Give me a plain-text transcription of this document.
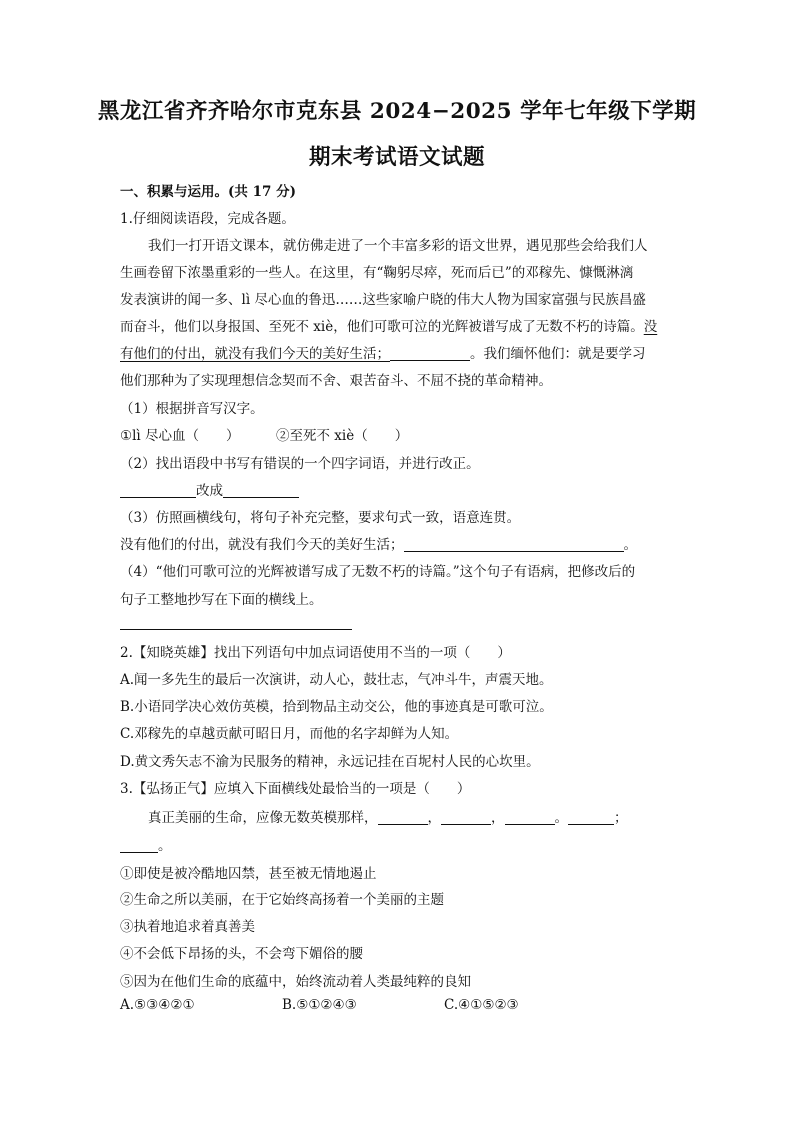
黑龙江省齐齐哈尔市克东县 2024−2025 学年七年级下学期
期末考试语文试题
一、积累与运用。(共 17 分)
1.仔细阅读语段，完成各题。
我们一打开语文课本，就仿佛走进了一个丰富多彩的语文世界，遇见那些会给我们人
生画卷留下浓墨重彩的一些人。在这里，有“鞠躬尽瘁，死而后已”的邓稼先、慷慨淋漓
发表演讲的闻一多、lì 尽心血的鲁迅……这些家喻户晓的伟大人物为国家富强与民族昌盛
而奋斗，他们以身报国、至死不 xiè，他们可歌可泣的光辉被谱写成了无数不朽的诗篇。没
有他们的付出，就没有我们今天的美好生活；	。我们缅怀他们：就是要学习
他们那种为了实现理想信念契而不舍、艰苦奋斗、不屈不挠的革命精神。
（1）根据拼音写汉字。
①lì 尽心血（　　）	②至死不 xiè（　　）
（2）找出语段中书写有错误的一个四字词语，并进行改正。
改成
（3）仿照画横线句，将句子补充完整，要求句式一致，语意连贯。
没有他们的付出，就没有我们今天的美好生活；	。
（4）“他们可歌可泣的光辉被谱写成了无数不朽的诗篇。”这个句子有语病，把修改后的
句子工整地抄写在下面的横线上。
2.【知晓英雄】找出下列语句中加点词语使用不当的一项（　　）
A.闻一多先生的最后一次演讲，动人心，鼓壮志，气冲斗牛，声震天地。
B.小语同学决心效仿英模，拾到物品主动交公，他的事迹真是可歌可泣。
C.邓稼先的卓越贡献可昭日月，而他的名字却鲜为人知。
D.黄文秀矢志不渝为民服务的精神，永远记挂在百坭村人民的心坎里。
3.【弘扬正气】应填入下面横线处最恰当的一项是（　　）
真正美丽的生命，应像无数英模那样，	，	，	。	；
。
①即使是被冷酷地囚禁，甚至被无情地遏止
②生命之所以美丽，在于它始终高扬着一个美丽的主题
③执着地追求着真善美
④不会低下昂扬的头，不会弯下媚俗的腰
⑤因为在他们生命的底蕴中，始终流动着人类最纯粹的良知
A.⑤③④②①	B.⑤①②④③	C.④①⑤②③
